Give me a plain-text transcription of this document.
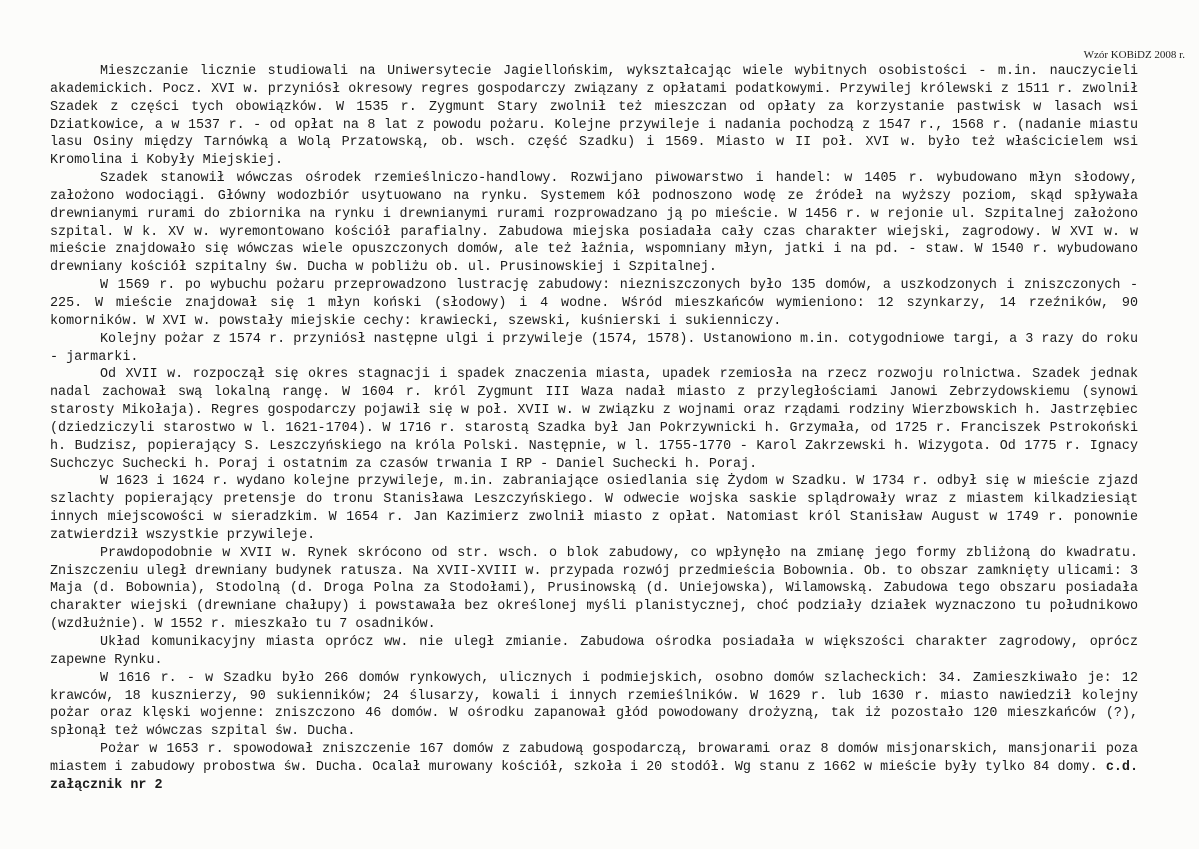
Wzór KOBiDZ 2008 r.

Mieszczanie licznie studiowali na Uniwersytecie Jagiellońskim, wykształcając wiele wybitnych osobistości - m.in. nauczycieli akademickich. Pocz. XVI w. przyniósł okresowy regres gospodarczy związany z opłatami podatkowymi. Przywilej królewski z 1511 r. zwolnił Szadek z części tych obowiązków. W 1535 r. Zygmunt Stary zwolnił też mieszczan od opłaty za korzystanie pastwisk w lasach wsi Dziatkowice, a w 1537 r. - od opłat na 8 lat z powodu pożaru. Kolejne przywileje i nadania pochodzą z 1547 r., 1568 r. (nadanie miastu lasu Osiny między Tarnówką a Wolą Przatowską, ob. wsch. część Szadku) i 1569. Miasto w II poł. XVI w. było też właścicielem wsi Kromolina i Kobyły Miejskiej.

Szadek stanowił wówczas ośrodek rzemieślniczo-handlowy. Rozwijano piwowarstwo i handel: w 1405 r. wybudowano młyn słodowy, założono wodociągi. Główny wodozbiór usytuowano na rynku. Systemem kół podnoszono wodę ze źródeł na wyższy poziom, skąd spływała drewnianymi rurami do zbiornika na rynku i drewnianymi rurami rozprowadzano ją po mieście. W 1456 r. w rejonie ul. Szpitalnej założono szpital. W k. XV w. wyremontowano kościół parafialny. Zabudowa miejska posiadała cały czas charakter wiejski, zagrodowy. W XVI w. w mieście znajdowało się wówczas wiele opuszczonych domów, ale też łaźnia, wspomniany młyn, jatki i na pd. - staw. W 1540 r. wybudowano drewniany kościół szpitalny św. Ducha w pobliżu ob. ul. Prusinowskiej i Szpitalnej.

W 1569 r. po wybuchu pożaru przeprowadzono lustrację zabudowy: niezniszczonych było 135 domów, a uszkodzonych i zniszczonych - 225. W mieście znajdował się 1 młyn koński (słodowy) i 4 wodne. Wśród mieszkańców wymieniono: 12 szynkarzy, 14 rzeźników, 90 komorników. W XVI w. powstały miejskie cechy: krawiecki, szewski, kuśnierski i sukienniczy.

Kolejny pożar z 1574 r. przyniósł następne ulgi i przywileje (1574, 1578). Ustanowiono m.in. cotygodniowe targi, a 3 razy do roku - jarmarki.

Od XVII w. rozpoczął się okres stagnacji i spadek znaczenia miasta, upadek rzemiosła na rzecz rozwoju rolnictwa. Szadek jednak nadal zachował swą lokalną rangę. W 1604 r. król Zygmunt III Waza nadał miasto z przyległościami Janowi Zebrzydowskiemu (synowi starosty Mikołaja). Regres gospodarczy pojawił się w poł. XVII w. w związku z wojnami oraz rządami rodziny Wierzbowskich h. Jastrzębiec (dziedziczyli starostwo w l. 1621-1704). W 1716 r. starostą Szadka był Jan Pokrzywnicki h. Grzymała, od 1725 r. Franciszek Pstrokoński h. Budzisz, popierający S. Leszczyńskiego na króla Polski. Następnie, w l. 1755-1770 - Karol Zakrzewski h. Wizygota. Od 1775 r. Ignacy Suchczyc Suchecki h. Poraj i ostatnim za czasów trwania I RP - Daniel Suchecki h. Poraj.

W 1623 i 1624 r. wydano kolejne przywileje, m.in. zabraniające osiedlania się Żydom w Szadku. W 1734 r. odbył się w mieście zjazd szlachty popierający pretensje do tronu Stanisława Leszczyńskiego. W odwecie wojska saskie splądrowały wraz z miastem kilkadziesiąt innych miejscowości w sieradzkim. W 1654 r. Jan Kazimierz zwolnił miasto z opłat. Natomiast król Stanisław August w 1749 r. ponownie zatwierdził wszystkie przywileje.

Prawdopodobnie w XVII w. Rynek skrócono od str. wsch. o blok zabudowy, co wpłynęło na zmianę jego formy zbliżoną do kwadratu. Zniszczeniu uległ drewniany budynek ratusza. Na XVII-XVIII w. przypada rozwój przedmieścia Bobownia. Ob. to obszar zamknięty ulicami: 3 Maja (d. Bobownia), Stodolną (d. Droga Polna za Stodołami), Prusinowską (d. Uniejowska), Wilamowską. Zabudowa tego obszaru posiadała charakter wiejski (drewniane chałupy) i powstawała bez określonej myśli planistycznej, choć podziały działek wyznaczono tu południkowo (wzdłużnie). W 1552 r. mieszkało tu 7 osadników.

Układ komunikacyjny miasta oprócz ww. nie uległ zmianie. Zabudowa ośrodka posiadała w większości charakter zagrodowy, oprócz zapewne Rynku.

W 1616 r. - w Szadku było 266 domów rynkowych, ulicznych i podmiejskich, osobno domów szlacheckich: 34. Zamieszkiwało je: 12 krawców, 18 kusznierzy, 90 sukienników; 24 ślusarzy, kowali i innych rzemieślników. W 1629 r. lub 1630 r. miasto nawiedził kolejny pożar oraz klęski wojenne: zniszczono 46 domów. W ośrodku zapanował głód powodowany drożyzną, tak iż pozostało 120 mieszkańców (?), spłonął też wówczas szpital św. Ducha.

Pożar w 1653 r. spowodował zniszczenie 167 domów z zabudową gospodarczą, browarami oraz 8 domów misjonarskich, mansjonarii poza miastem i zabudowy probostwa św. Ducha. Ocalał murowany kościół, szkoła i 20 stodół. Wg stanu z 1662 w mieście były tylko 84 domy. c.d. załącznik nr 2
